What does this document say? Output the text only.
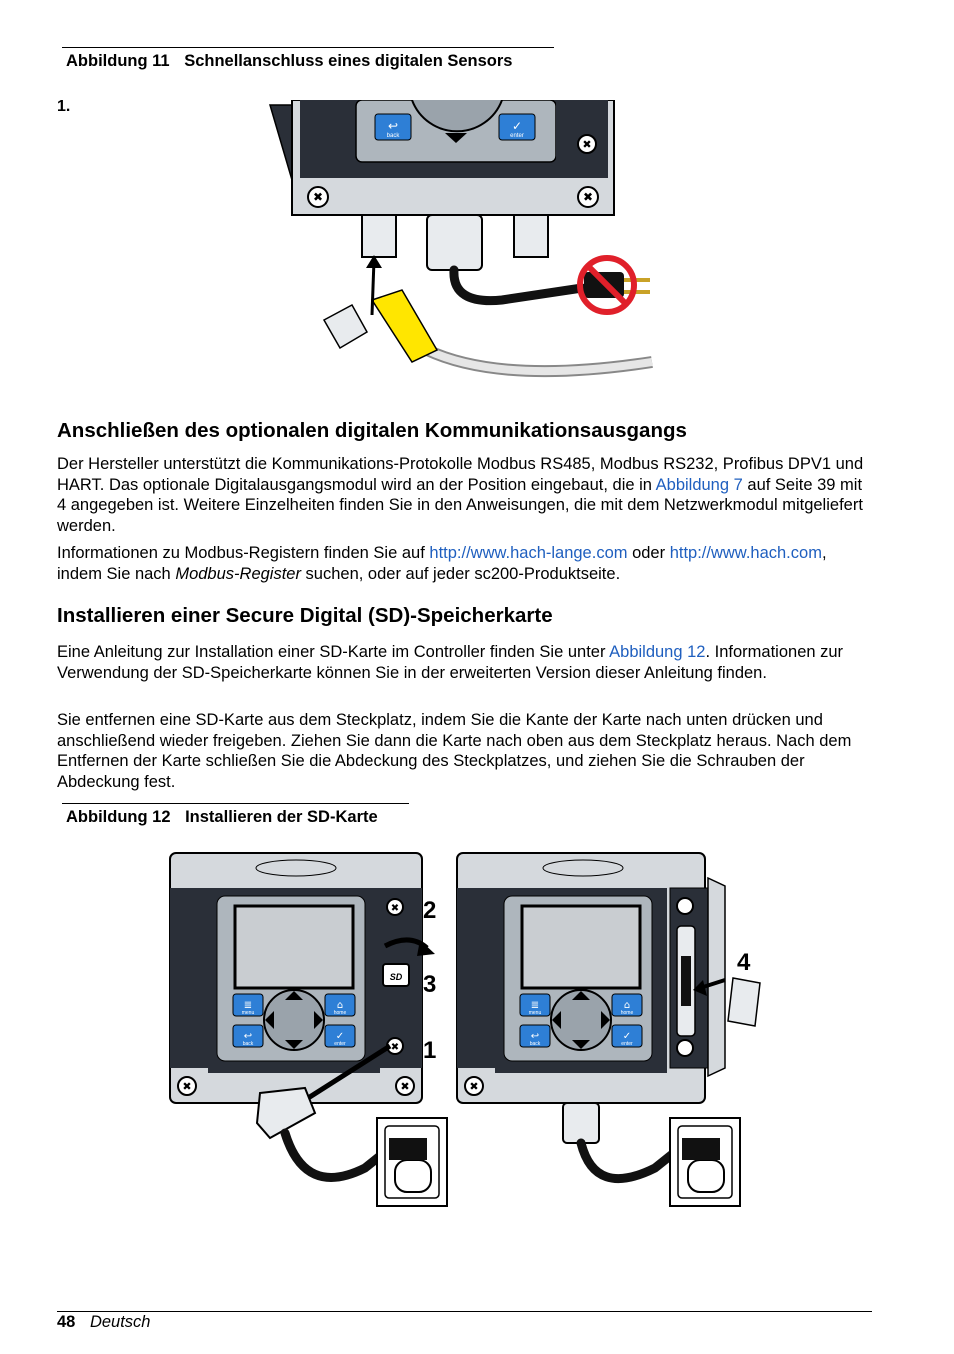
Abbildung 11 Schnellanschluss eines digitalen Sensors

1.
↩
back
✓
enter
✖
✖	✖
Anschließen des optionalen digitalen Kommunikationsausgangs

Der Hersteller unterstützt die Kommunikations-Protokolle Modbus RS485, Modbus RS232, Profibus DPV1 und HART. Das optionale Digitalausgangsmodul wird an der Position eingebaut, die in Abbildung 7 auf Seite 39 mit 4 angegeben ist. Weitere Einzelheiten finden Sie in den Anweisungen, die mit dem Netzwerkmodul mitgeliefert werden.

Informationen zu Modbus-Registern finden Sie auf http://www.hach-lange.com oder http://www.hach.com, indem Sie nach Modbus-Register suchen, oder auf jeder sc200-Produktseite.

Installieren einer Secure Digital (SD)-Speicherkarte

Eine Anleitung zur Installation einer SD-Karte im Controller finden Sie unter Abbildung 12. Informationen zur Verwendung der SD-Speicherkarte können Sie in der erweiterten Version dieser Anleitung finden.

Sie entfernen eine SD-Karte aus dem Steckplatz, indem Sie die Kante der Karte nach unten drücken und anschließend wieder freigeben. Ziehen Sie dann die Karte nach oben aus dem Steckplatz heraus. Nach dem Entfernen der Karte schließen Sie die Abdeckung des Steckplatzes, und ziehen Sie die Schrauben der Abdeckung fest.

Abbildung 12 Installieren der SD-Karte

≣
menu
⌂
home
↩
back
✓
enter
✖
✖
✖	✖
SD
2
3
1
≣
menu
⌂
home
↩
back
✓
enter
✖
4
48 Deutsch
